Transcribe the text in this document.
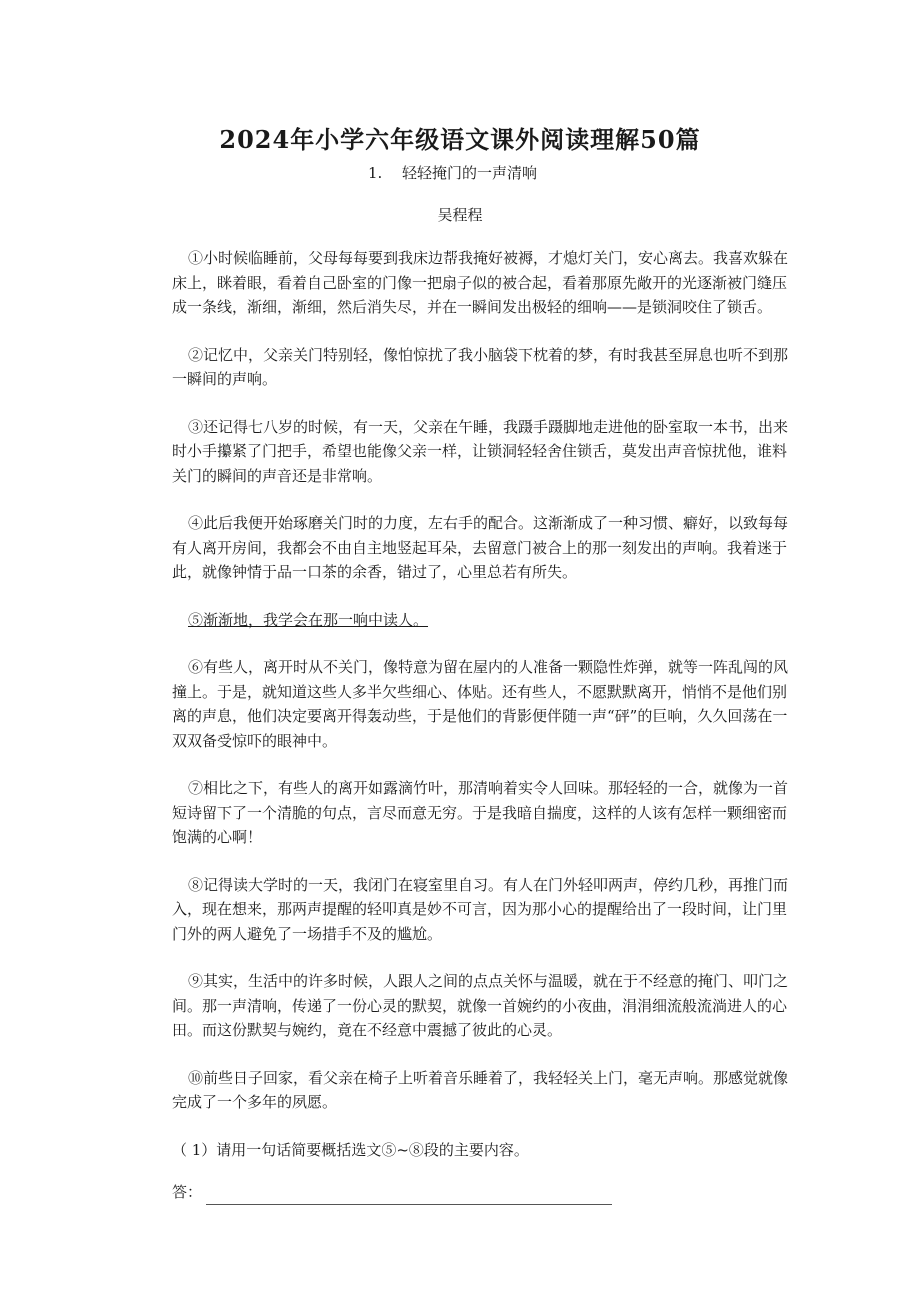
2024年小学六年级语文课外阅读理解50篇
1. 轻轻掩门的一声清响
吴程程

①小时候临睡前，父母每每要到我床边帮我掩好被褥，才熄灯关门，安心离去。我喜欢躲在床上，眯着眼，看着自己卧室的门像一把扇子似的被合起，看着那原先敞开的光逐渐被门缝压成一条线，渐细，渐细，然后消失尽，并在一瞬间发出极轻的细响——是锁洞咬住了锁舌。

②记忆中，父亲关门特别轻，像怕惊扰了我小脑袋下枕着的梦，有时我甚至屏息也听不到那一瞬间的声响。

③还记得七八岁的时候，有一天，父亲在午睡，我蹑手蹑脚地走进他的卧室取一本书，出来时小手攥紧了门把手，希望也能像父亲一样，让锁洞轻轻舍住锁舌，莫发出声音惊扰他，谁料关门的瞬间的声音还是非常响。

④此后我便开始琢磨关门时的力度，左右手的配合。这渐渐成了一种习惯、癖好，以致每每有人离开房间，我都会不由自主地竖起耳朵，去留意门被合上的那一刻发出的声响。我着迷于此，就像钟情于品一口茶的余香，错过了，心里总若有所失。

⑤渐渐地，我学会在那一响中读人。

⑥有些人，离开时从不关门，像特意为留在屋内的人准备一颗隐性炸弹，就等一阵乱闯的风撞上。于是，就知道这些人多半欠些细心、体贴。还有些人，不愿默默离开，悄悄不是他们别离的声息，他们决定要离开得轰动些，于是他们的背影便伴随一声“砰”的巨响，久久回荡在一双双备受惊吓的眼神中。

⑦相比之下，有些人的离开如露滴竹叶，那清响着实令人回味。那轻轻的一合，就像为一首短诗留下了一个清脆的句点，言尽而意无穷。于是我暗自揣度，这样的人该有怎样一颗细密而饱满的心啊！

⑧记得读大学时的一天，我闭门在寝室里自习。有人在门外轻叩两声，停约几秒，再推门而入，现在想来，那两声提醒的轻叩真是妙不可言，因为那小心的提醒给出了一段时间，让门里门外的两人避免了一场措手不及的尴尬。

⑨其实，生活中的许多时候，人跟人之间的点点关怀与温暖，就在于不经意的掩门、叩门之间。那一声清响，传递了一份心灵的默契，就像一首婉约的小夜曲，涓涓细流般流淌进人的心田。而这份默契与婉约，竟在不经意中震撼了彼此的心灵。

⑩前些日子回家，看父亲在椅子上听着音乐睡着了，我轻轻关上门，毫无声响。那感觉就像完成了一个多年的夙愿。

（ 1）请用一句话简要概括选文⑤~⑧段的主要内容。
答：
